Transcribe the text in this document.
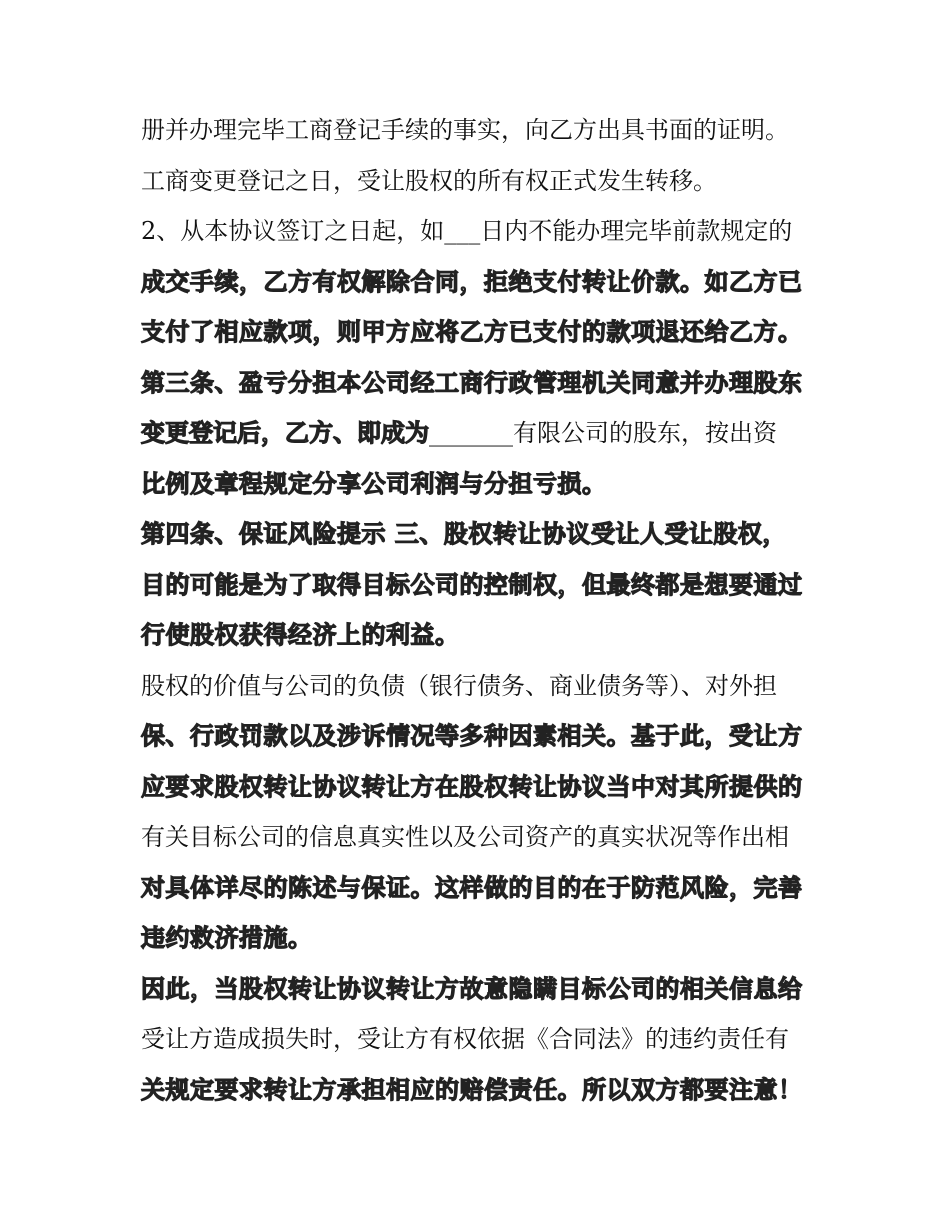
册并办理完毕工商登记手续的事实，向乙方出具书面的证明。
工商变更登记之日，受让股权的所有权正式发生转移。
2、从本协议签订之日起，如___日内不能办理完毕前款规定的
成交手续，乙方有权解除合同，拒绝支付转让价款。如乙方已
支付了相应款项，则甲方应将乙方已支付的款项退还给乙方。
第三条、盈亏分担本公司经工商行政管理机关同意并办理股东
变更登记后，乙方、即成为_______有限公司的股东，按出资
比例及章程规定分享公司利润与分担亏损。
第四条、保证风险提示 三、股权转让协议受让人受让股权，
目的可能是为了取得目标公司的控制权，但最终都是想要通过
行使股权获得经济上的利益。
股权的价值与公司的负债（银行债务、商业债务等）、对外担
保、行政罚款以及涉诉情况等多种因素相关。基于此，受让方
应要求股权转让协议转让方在股权转让协议当中对其所提供的
有关目标公司的信息真实性以及公司资产的真实状况等作出相
对具体详尽的陈述与保证。这样做的目的在于防范风险，完善
违约救济措施。
因此，当股权转让协议转让方故意隐瞒目标公司的相关信息给
受让方造成损失时，受让方有权依据《合同法》的违约责任有
关规定要求转让方承担相应的赔偿责任。所以双方都要注意！
